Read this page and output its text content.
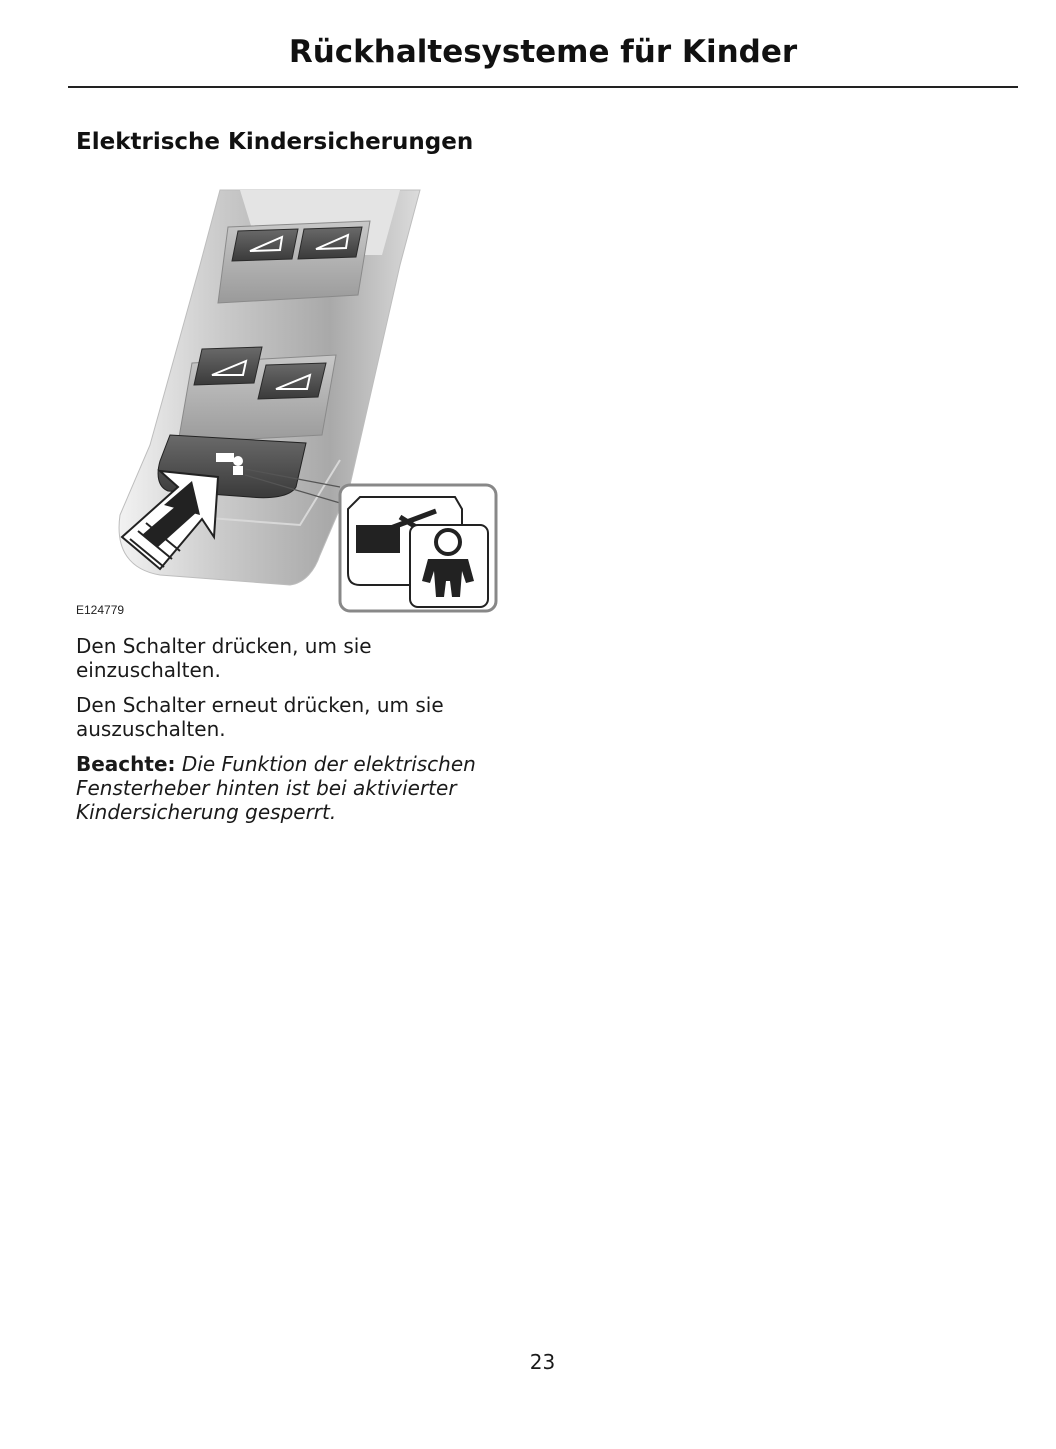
Rückhaltesysteme für Kinder
Elektrische Kindersicherungen
E124779

Den Schalter drücken, um sie einzuschalten.

Den Schalter erneut drücken, um sie auszuschalten.

Beachte: Die Funktion der elektrischen Fensterheber hinten ist bei aktivierter Kindersicherung gesperrt.

23
